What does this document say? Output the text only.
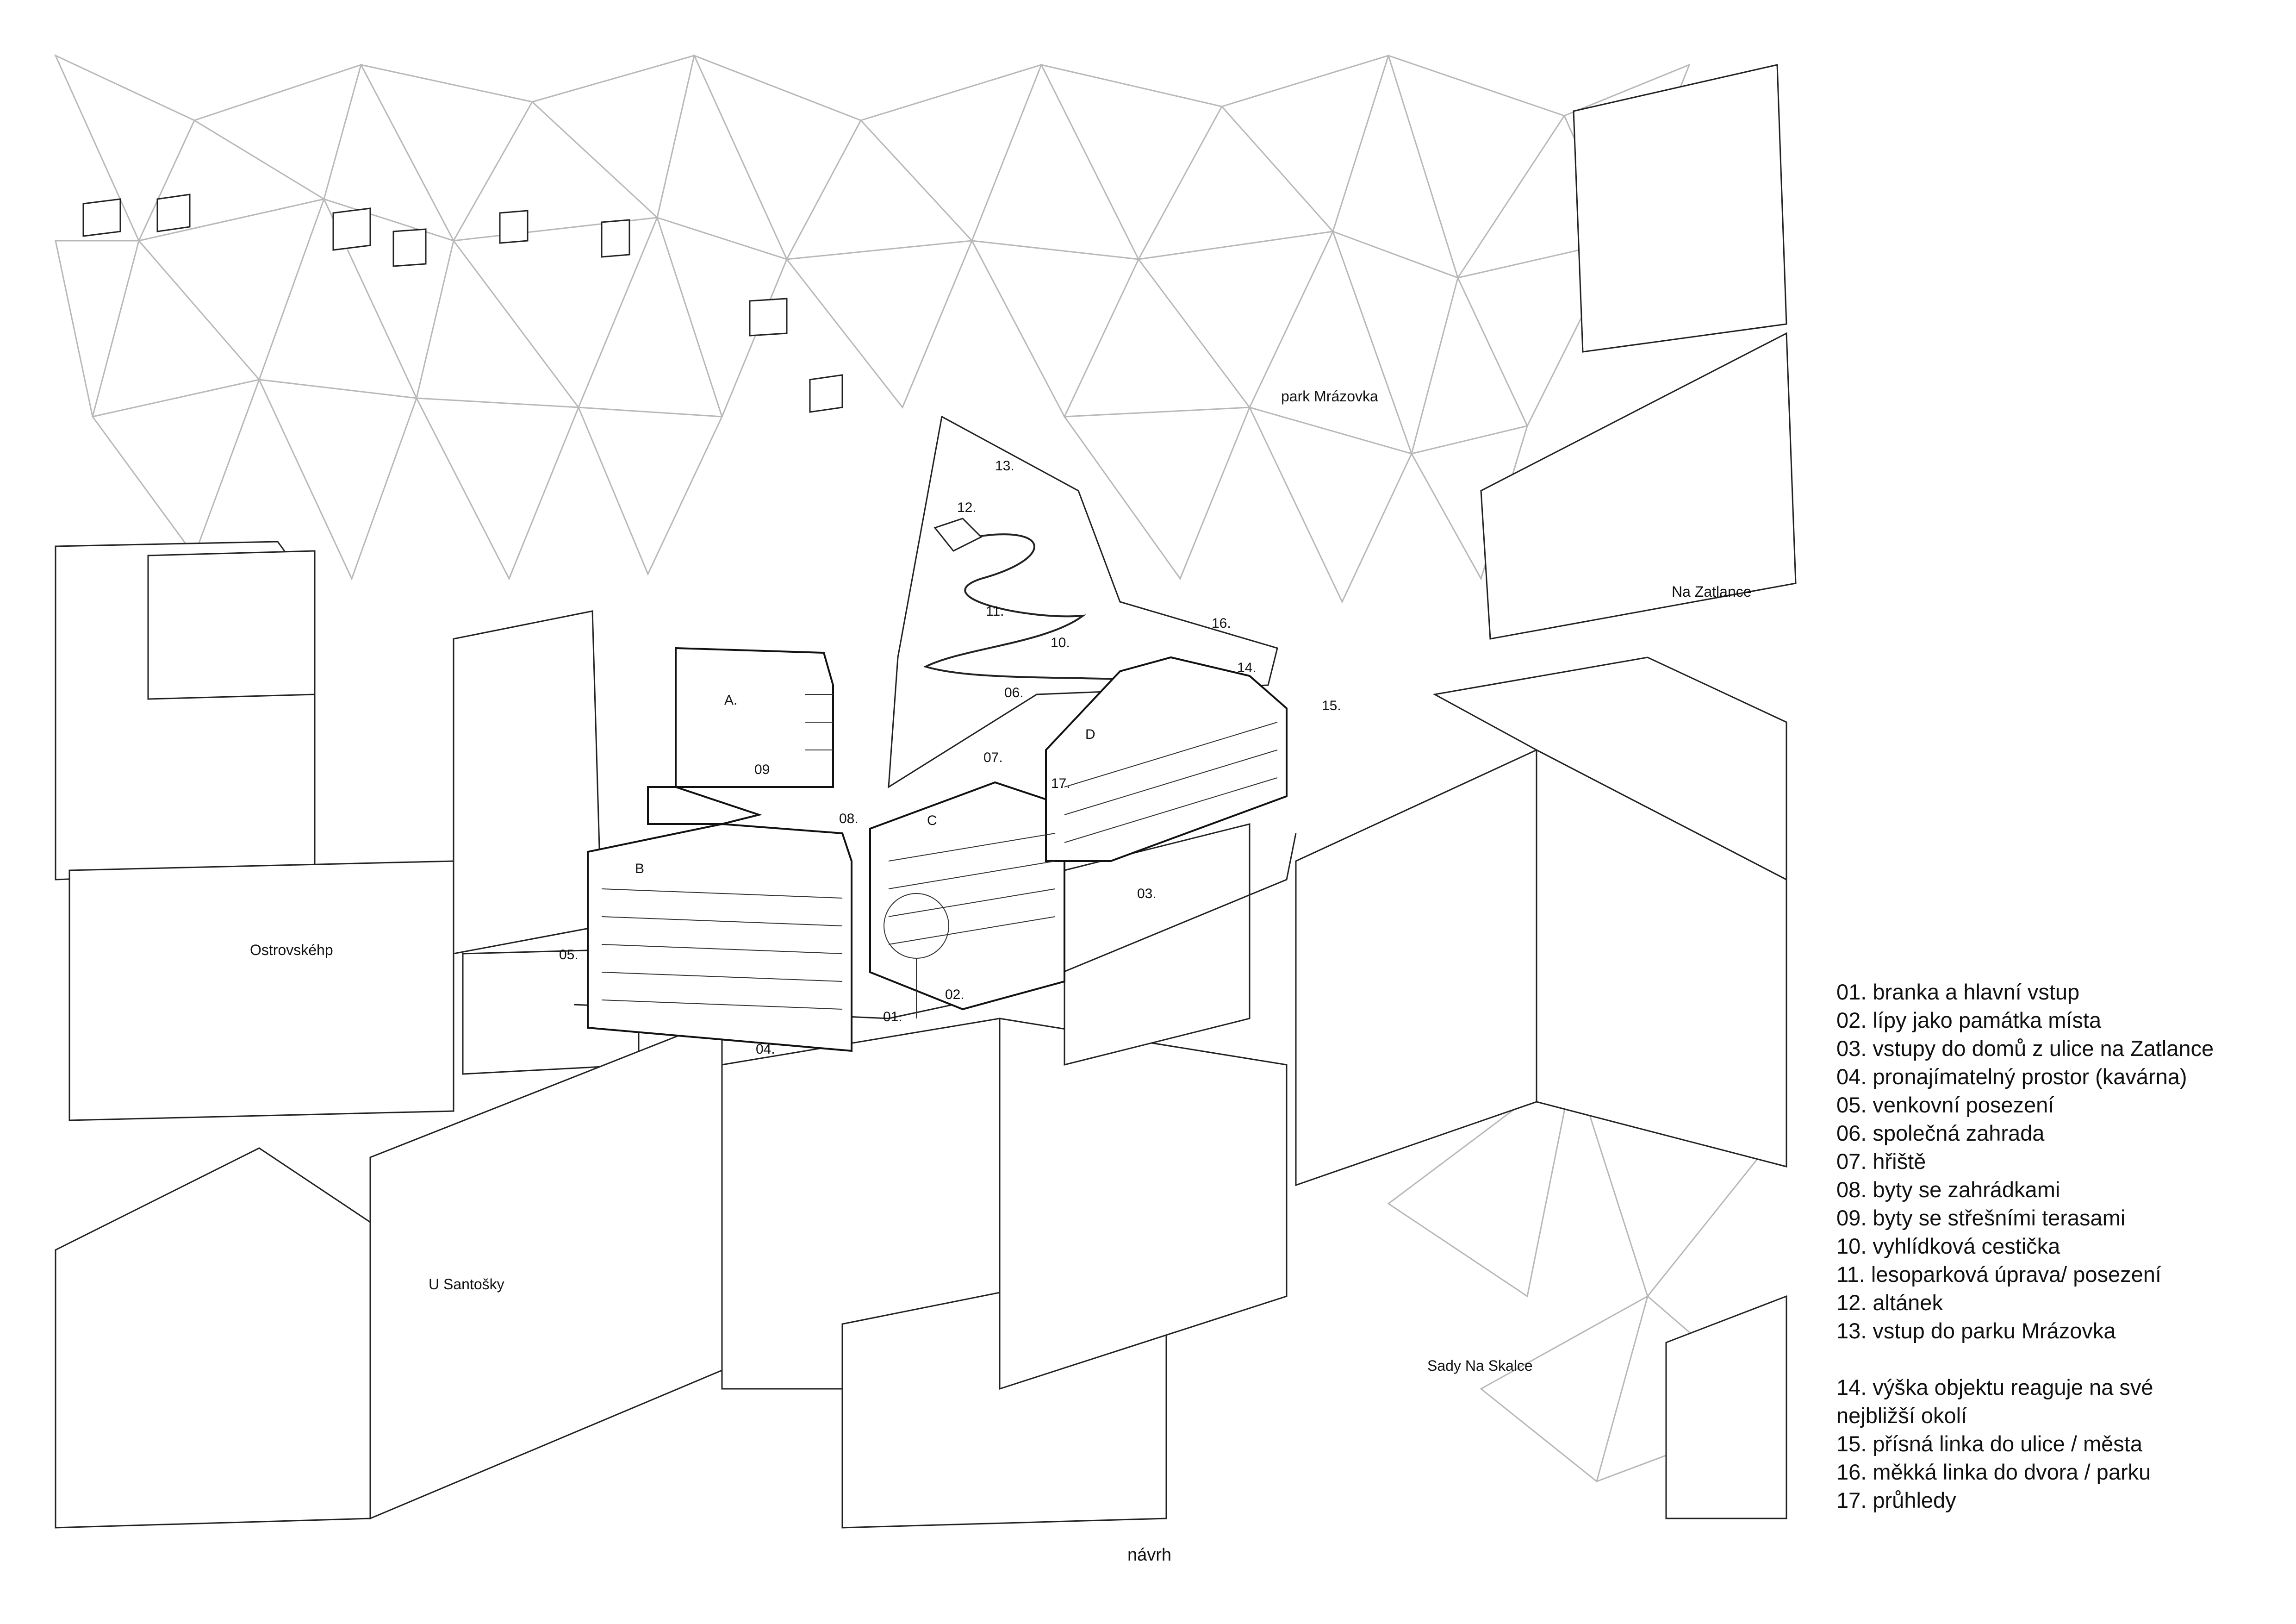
park Mrázovka
Na Zatlance
Ostrovskéhp
U Santošky
Sady Na Skalce
A.
B
C
D
01.
02.
03.
04.
05.
06.
07.
08.
09
10.
11.
12.
13.
14.
15.
16.
17.
01. branka a hlavní vstup
02. lípy jako památka místa
03. vstupy do domů z ulice na Zatlance
04. pronajímatelný prostor (kavárna)
05. venkovní posezení
06. společná zahrada
07. hřiště
08. byty se zahrádkami
09. byty se střešními terasami
10. vyhlídková cestička
11. lesoparková úprava/ posezení
12. altánek
13. vstup do parku Mrázovka

14. výška objektu reaguje na své
nejbližší okolí
15. přísná linka do ulice / města
16. měkká linka do dvora / parku
17. průhledy
návrh
